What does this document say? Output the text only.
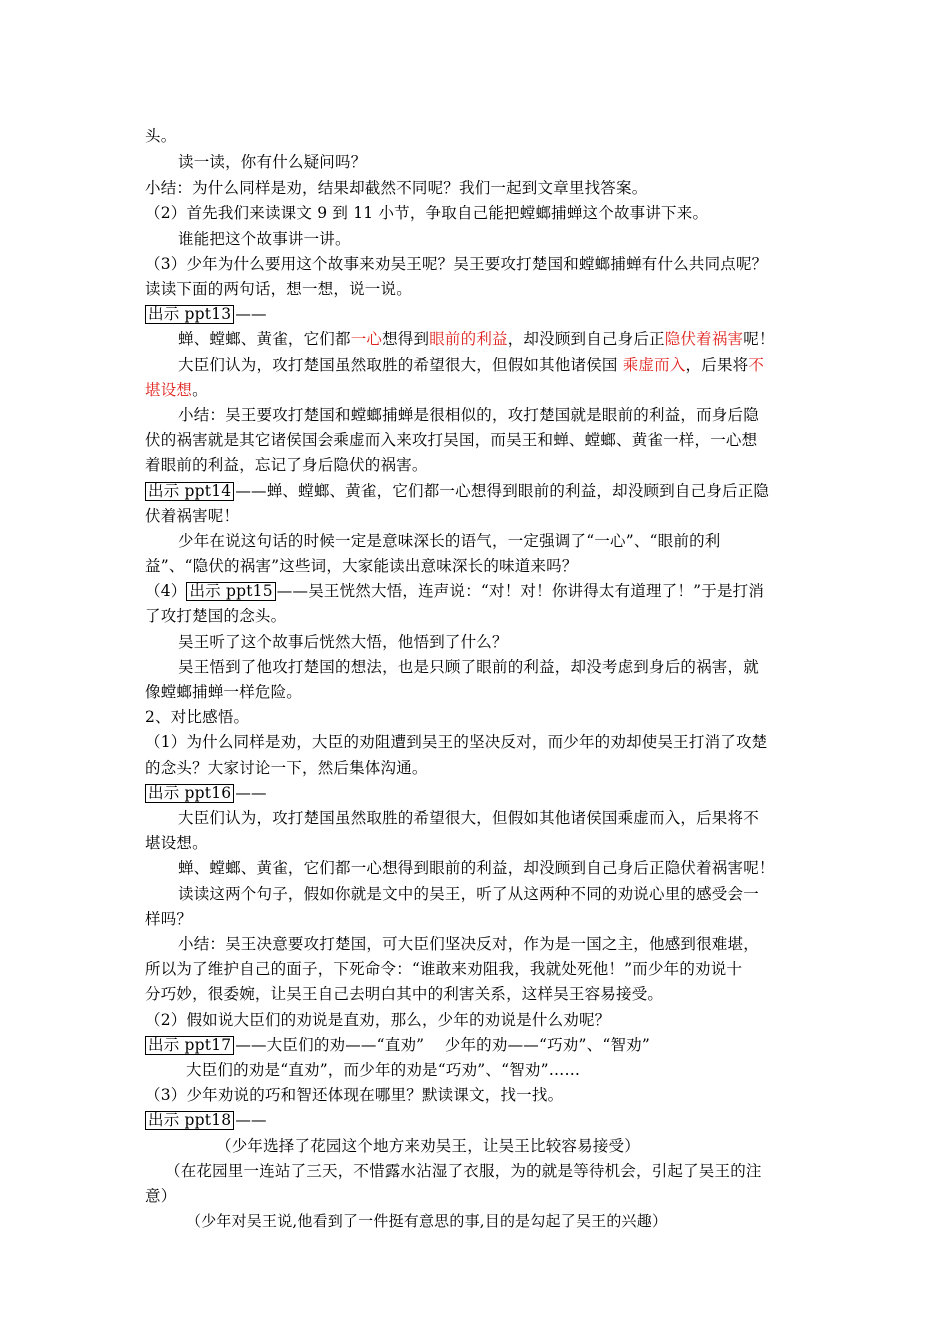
头。
读一读，你有什么疑问吗？
小结：为什么同样是劝，结果却截然不同呢？我们一起到文章里找答案。
（2）首先我们来读课文 9 到 11 小节，争取自己能把螳螂捕蝉这个故事讲下来。
谁能把这个故事讲一讲。
（3）少年为什么要用这个故事来劝吴王呢？吴王要攻打楚国和螳螂捕蝉有什么共同点呢？
读读下面的两句话，想一想，说一说。
出示 ppt13 ——
蝉、螳螂、黄雀，它们都一心想得到眼前的利益，却没顾到自己身后正隐伏着祸害呢！
大臣们认为，攻打楚国虽然取胜的希望很大，但假如其他诸侯国 乘虚而入，后果将不
堪设想。
小结：吴王要攻打楚国和螳螂捕蝉是很相似的，攻打楚国就是眼前的利益，而身后隐
伏的祸害就是其它诸侯国会乘虚而入来攻打吴国，而吴王和蝉、螳螂、黄雀一样，一心想
着眼前的利益，忘记了身后隐伏的祸害。
出示 ppt14 ——蝉、螳螂、黄雀，它们都一心想得到眼前的利益，却没顾到自己身后正隐
伏着祸害呢！
少年在说这句话的时候一定是意味深长的语气，一定强调了“一心”、“眼前的利
益”、“隐伏的祸害”这些词，大家能读出意味深长的味道来吗？
（4） 出示 ppt15 ——吴王恍然大悟，连声说：“对！对！你讲得太有道理了！”于是打消
了攻打楚国的念头。
吴王听了这个故事后恍然大悟，他悟到了什么？
吴王悟到了他攻打楚国的想法，也是只顾了眼前的利益，却没考虑到身后的祸害，就
像螳螂捕蝉一样危险。
2、对比感悟。
（1）为什么同样是劝，大臣的劝阻遭到吴王的坚决反对，而少年的劝却使吴王打消了攻楚
的念头？大家讨论一下，然后集体沟通。
出示 ppt16 ——
大臣们认为，攻打楚国虽然取胜的希望很大，但假如其他诸侯国乘虚而入，后果将不
堪设想。
蝉、螳螂、黄雀，它们都一心想得到眼前的利益，却没顾到自己身后正隐伏着祸害呢！
读读这两个句子，假如你就是文中的吴王，听了从这两种不同的劝说心里的感受会一
样吗？
小结：吴王决意要攻打楚国，可大臣们坚决反对，作为是一国之主，他感到很难堪，
所以为了维护自己的面子，下死命令：“谁敢来劝阻我，我就处死他！”而少年的劝说十
分巧妙，很委婉，让吴王自己去明白其中的利害关系，这样吴王容易接受。
（2）假如说大臣们的劝说是直劝，那么，少年的劝说是什么劝呢？
出示 ppt17 ——大臣们的劝——“直劝”    少年的劝——“巧劝”、“智劝”
大臣们的劝是“直劝”，而少年的劝是“巧劝”、“智劝”……
（3）少年劝说的巧和智还体现在哪里？默读课文，找一找。
出示 ppt18 ——
（少年选择了花园这个地方来劝吴王，让吴王比较容易接受）
（在花园里一连站了三天，不惜露水沾湿了衣服，为的就是等待机会，引起了吴王的注
意）
（少年对吴王说,他看到了一件挺有意思的事,目的是勾起了吴王的兴趣）
